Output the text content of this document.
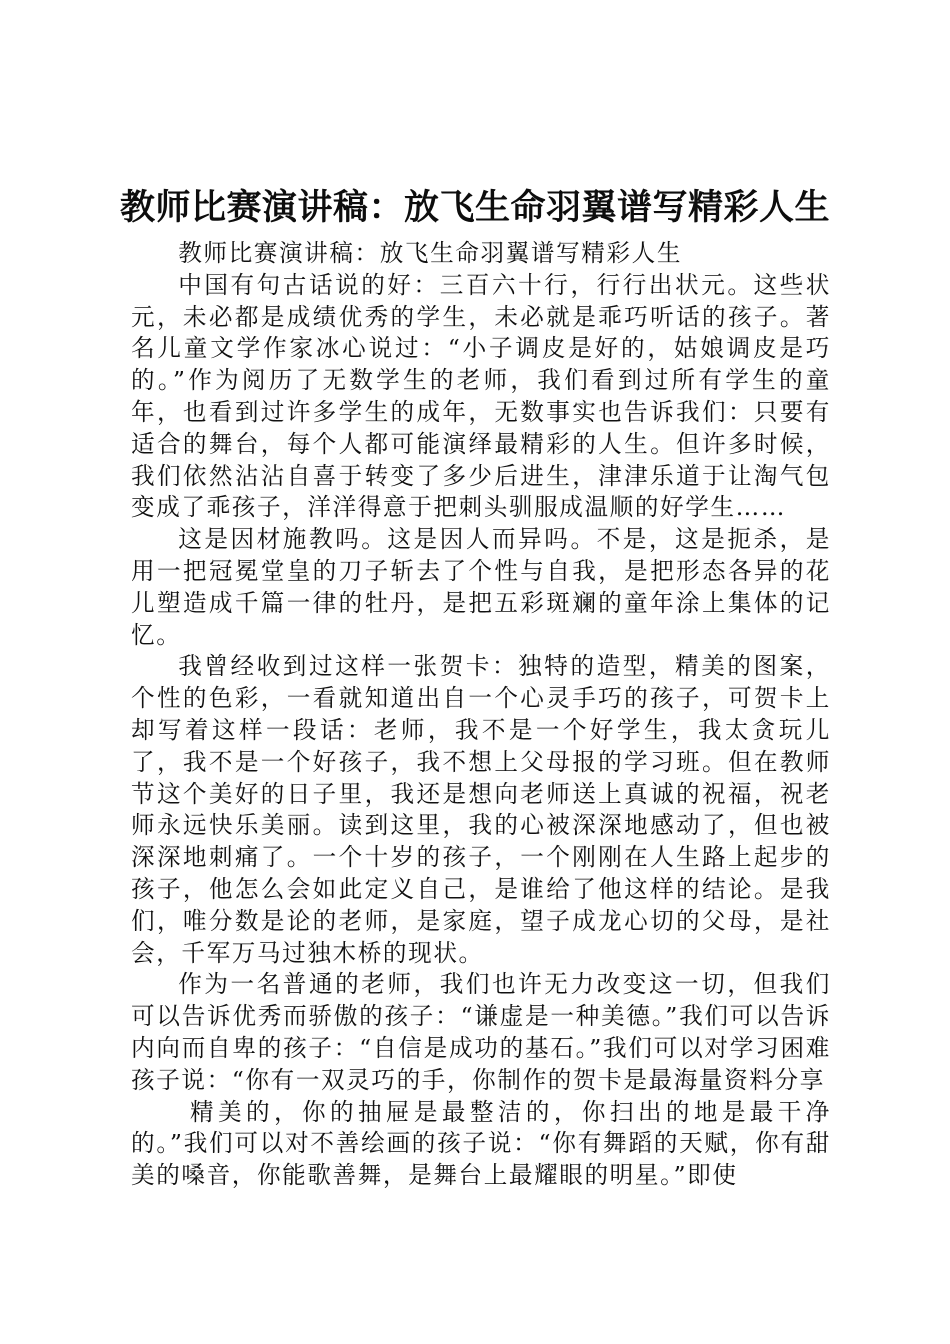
教师比赛演讲稿：放飞生命羽翼谱写精彩人生

教师比赛演讲稿：放飞生命羽翼谱写精彩人生

中国有句古话说的好：三百六十行，行行出状元。这些状元，未必都是成绩优秀的学生，未必就是乖巧听话的孩子。著名儿童文学作家冰心说过：“小子调皮是好的，姑娘调皮是巧的。”作为阅历了无数学生的老师，我们看到过所有学生的童年，也看到过许多学生的成年，无数事实也告诉我们：只要有适合的舞台，每个人都可能演绎最精彩的人生。但许多时候，我们依然沾沾自喜于转变了多少后进生，津津乐道于让淘气包变成了乖孩子，洋洋得意于把刺头驯服成温顺的好学生……

这是因材施教吗。这是因人而异吗。不是，这是扼杀，是用一把冠冕堂皇的刀子斩去了个性与自我，是把形态各异的花儿塑造成千篇一律的牡丹，是把五彩斑斓的童年涂上集体的记忆。

我曾经收到过这样一张贺卡：独特的造型，精美的图案，个性的色彩，一看就知道出自一个心灵手巧的孩子，可贺卡上却写着这样一段话：老师，我不是一个好学生，我太贪玩儿了，我不是一个好孩子，我不想上父母报的学习班。但在教师节这个美好的日子里，我还是想向老师送上真诚的祝福，祝老师永远快乐美丽。读到这里，我的心被深深地感动了，但也被深深地刺痛了。一个十岁的孩子，一个刚刚在人生路上起步的孩子，他怎么会如此定义自己，是谁给了他这样的结论。是我们，唯分数是论的老师，是家庭，望子成龙心切的父母，是社会，千军万马过独木桥的现状。

作为一名普通的老师，我们也许无力改变这一切，但我们可以告诉优秀而骄傲的孩子：“谦虚是一种美德。”我们可以告诉内向而自卑的孩子：“自信是成功的基石。”我们可以对学习困难孩子说：“你有一双灵巧的手，你制作的贺卡是最海量资料分享

精美的，你的抽屉是最整洁的，你扫出的地是最干净的。”我们可以对不善绘画的孩子说：“你有舞蹈的天赋，你有甜美的嗓音，你能歌善舞，是舞台上最耀眼的明星。”即使
